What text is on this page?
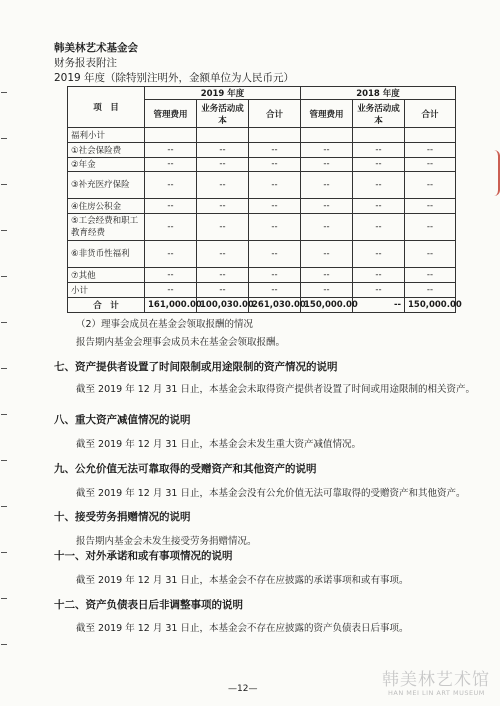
韩美林艺术基金会
财务报表附注
2019 年度（除特别注明外，金额单位为人民币元）
项　目	2019 年度			2018 年度		
	管理费用	业务活动成本	合计	管理费用	业务活动成本	合计
福利小计						
①社会保险费	--	--	--	--	--	--
②年金	--	--	--	--	--	--
③补充医疗保险	--	--	--	--	--	--
④住房公积金	--	--	--	--	--	--
⑤工会经费和职工教育经费	--	--	--	--	--	--
⑥非货币性福利	--	--	--	--	--	--
⑦其他	--	--	--	--	--	--
小计	--	--	--	--	--	--
合　计	161,000.00	100,030.00	261,030.00	150,000.00	--	150,000.00
（2）理事会成员在基金会领取报酬的情况
报告期内基金会理事会成员未在基金会领取报酬。
七、资产提供者设置了时间限制或用途限制的资产情况的说明
截至 2019 年 12 月 31 日止，本基金会未取得资产提供者设置了时间或用途限制的相关资产。
八、重大资产减值情况的说明
截至 2019 年 12 月 31 日止，本基金会未发生重大资产减值情况。
九、公允价值无法可靠取得的受赠资产和其他资产的说明
截至 2019 年 12 月 31 日止，本基金会没有公允价值无法可靠取得的受赠资产和其他资产。
十、接受劳务捐赠情况的说明
报告期内基金会未发生接受劳务捐赠情况。
十一、对外承诺和或有事项情况的说明
截至 2019 年 12 月 31 日止，本基金会不存在应披露的承诺事项和或有事项。
十二、资产负债表日后非调整事项的说明
截至 2019 年 12 月 31 日止，本基金会不存在应披露的资产负债表日后事项。
—12—	韩美林艺术馆
HAN MEI LIN ART MUSEUM
